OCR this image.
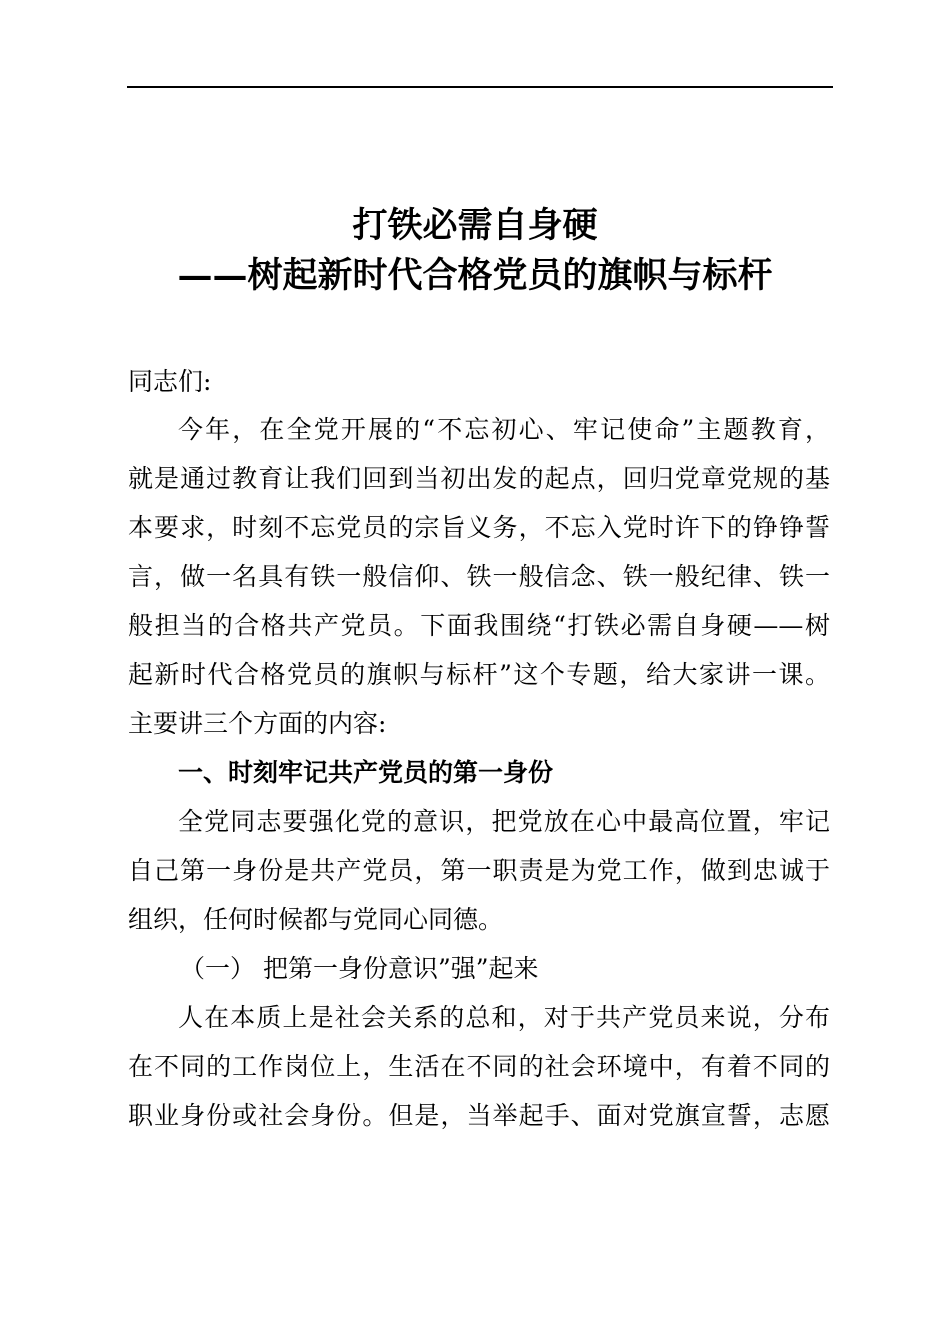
打铁必需自身硬
——树起新时代合格党员的旗帜与标杆
同志们:
今年，在全党开展的“不忘初心、牢记使命”主题教育，
就是通过教育让我们回到当初出发的起点，回归党章党规的基
本要求，时刻不忘党员的宗旨义务，不忘入党时许下的铮铮誓
言，做一名具有铁一般信仰、铁一般信念、铁一般纪律、铁一
般担当的合格共产党员。下面我围绕“打铁必需自身硬——树
起新时代合格党员的旗帜与标杆”这个专题，给大家讲一课。
主要讲三个方面的内容:
一、时刻牢记共产党员的第一身份
全党同志要强化党的意识，把党放在心中最高位置，牢记
自己第一身份是共产党员，第一职责是为党工作，做到忠诚于
组织，任何时候都与党同心同德。
（一） 把第一身份意识”强”起来
人在本质上是社会关系的总和，对于共产党员来说，分布
在不同的工作岗位上，生活在不同的社会环境中，有着不同的
职业身份或社会身份。但是，当举起手、面对党旗宣誓，志愿
